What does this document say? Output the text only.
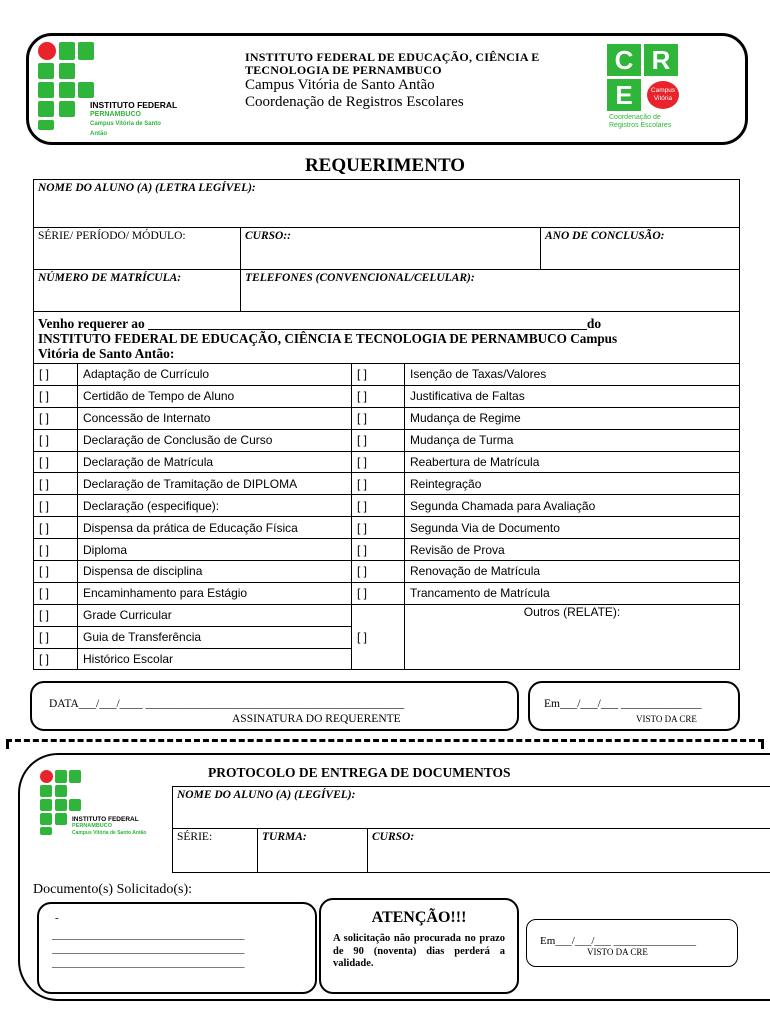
INSTITUTO FEDERAL
PERNAMBUCO
Campus Vitória de Santo Antão
INSTITUTO FEDERAL DE EDUCAÇÃO, CIÊNCIA E
TECNOLOGIA DE PERNAMBUCO
Campus Vitória de Santo Antão
Coordenação de Registros Escolares
C R
E	Campus Vitória
Coordenação de
Registros Escolares
REQUERIMENTO
NOME DO ALUNO (A) (LETRA LEGÍVEL):		
SÉRIE/ PERÍODO/ MÓDULO:	CURSO::	ANO DE CONCLUSÃO:
NÚMERO DE MATRÍCULA:	TELEFONES (CONVENCIONAL/CELULAR):	

Venho requerer ao _________________________________________________________________do
INSTITUTO FEDERAL DE EDUCAÇÃO, CIÊNCIA E TECNOLOGIA DE PERNAMBUCO Campus
Vitória de Santo Antão:		
[ ]	Adaptação de Currículo	[ ]	Isenção de Taxas/Valores
[ ]	Certidão de Tempo de Aluno	[ ]	Justificativa de Faltas
[ ]	Concessão de Internato	[ ]	Mudança de Regime
[ ]	Declaração de Conclusão de Curso	[ ]	Mudança de Turma
[ ]	Declaração de Matrícula	[ ]	Reabertura de Matrícula
[ ]	Declaração de Tramitação de DIPLOMA	[ ]	Reintegração
[ ]	Declaração (especifique):	[ ]	Segunda Chamada para Avaliação
[ ]	Dispensa da prática de Educação Física	[ ]	Segunda Via de Documento
[ ]	Diploma	[ ]	Revisão de Prova
[ ]	Dispensa de disciplina	[ ]	Renovação de Matrícula
[ ]	Encaminhamento para Estágio	[ ]	Trancamento de Matrícula
[ ]	Grade Curricular	[ ]	Outros (RELATE):
[ ]	Guia de Transferência		
[ ]	Histórico Escolar		
DATA___/___/____ _____________________________________________
ASSINATURA DO REQUERENTE
Em___/___/___ ______________
VISTO DA CRE
INSTITUTO FEDERAL
PERNAMBUCO
Campus Vitória de Santo Antão
PROTOCOLO DE ENTREGA DE DOCUMENTOS
NOME DO ALUNO (A) (LEGÍVEL):
SÉRIE:	TURMA:	CURSO:
Documento(s) Solicitado(s):
-
___________________________________
___________________________________
___________________________________
ATENÇÃO!!!
A solicitação não procurada no prazo de 90 (noventa) dias perderá a validade.
Em___/___/___ _______________
VISTO DA CRE
